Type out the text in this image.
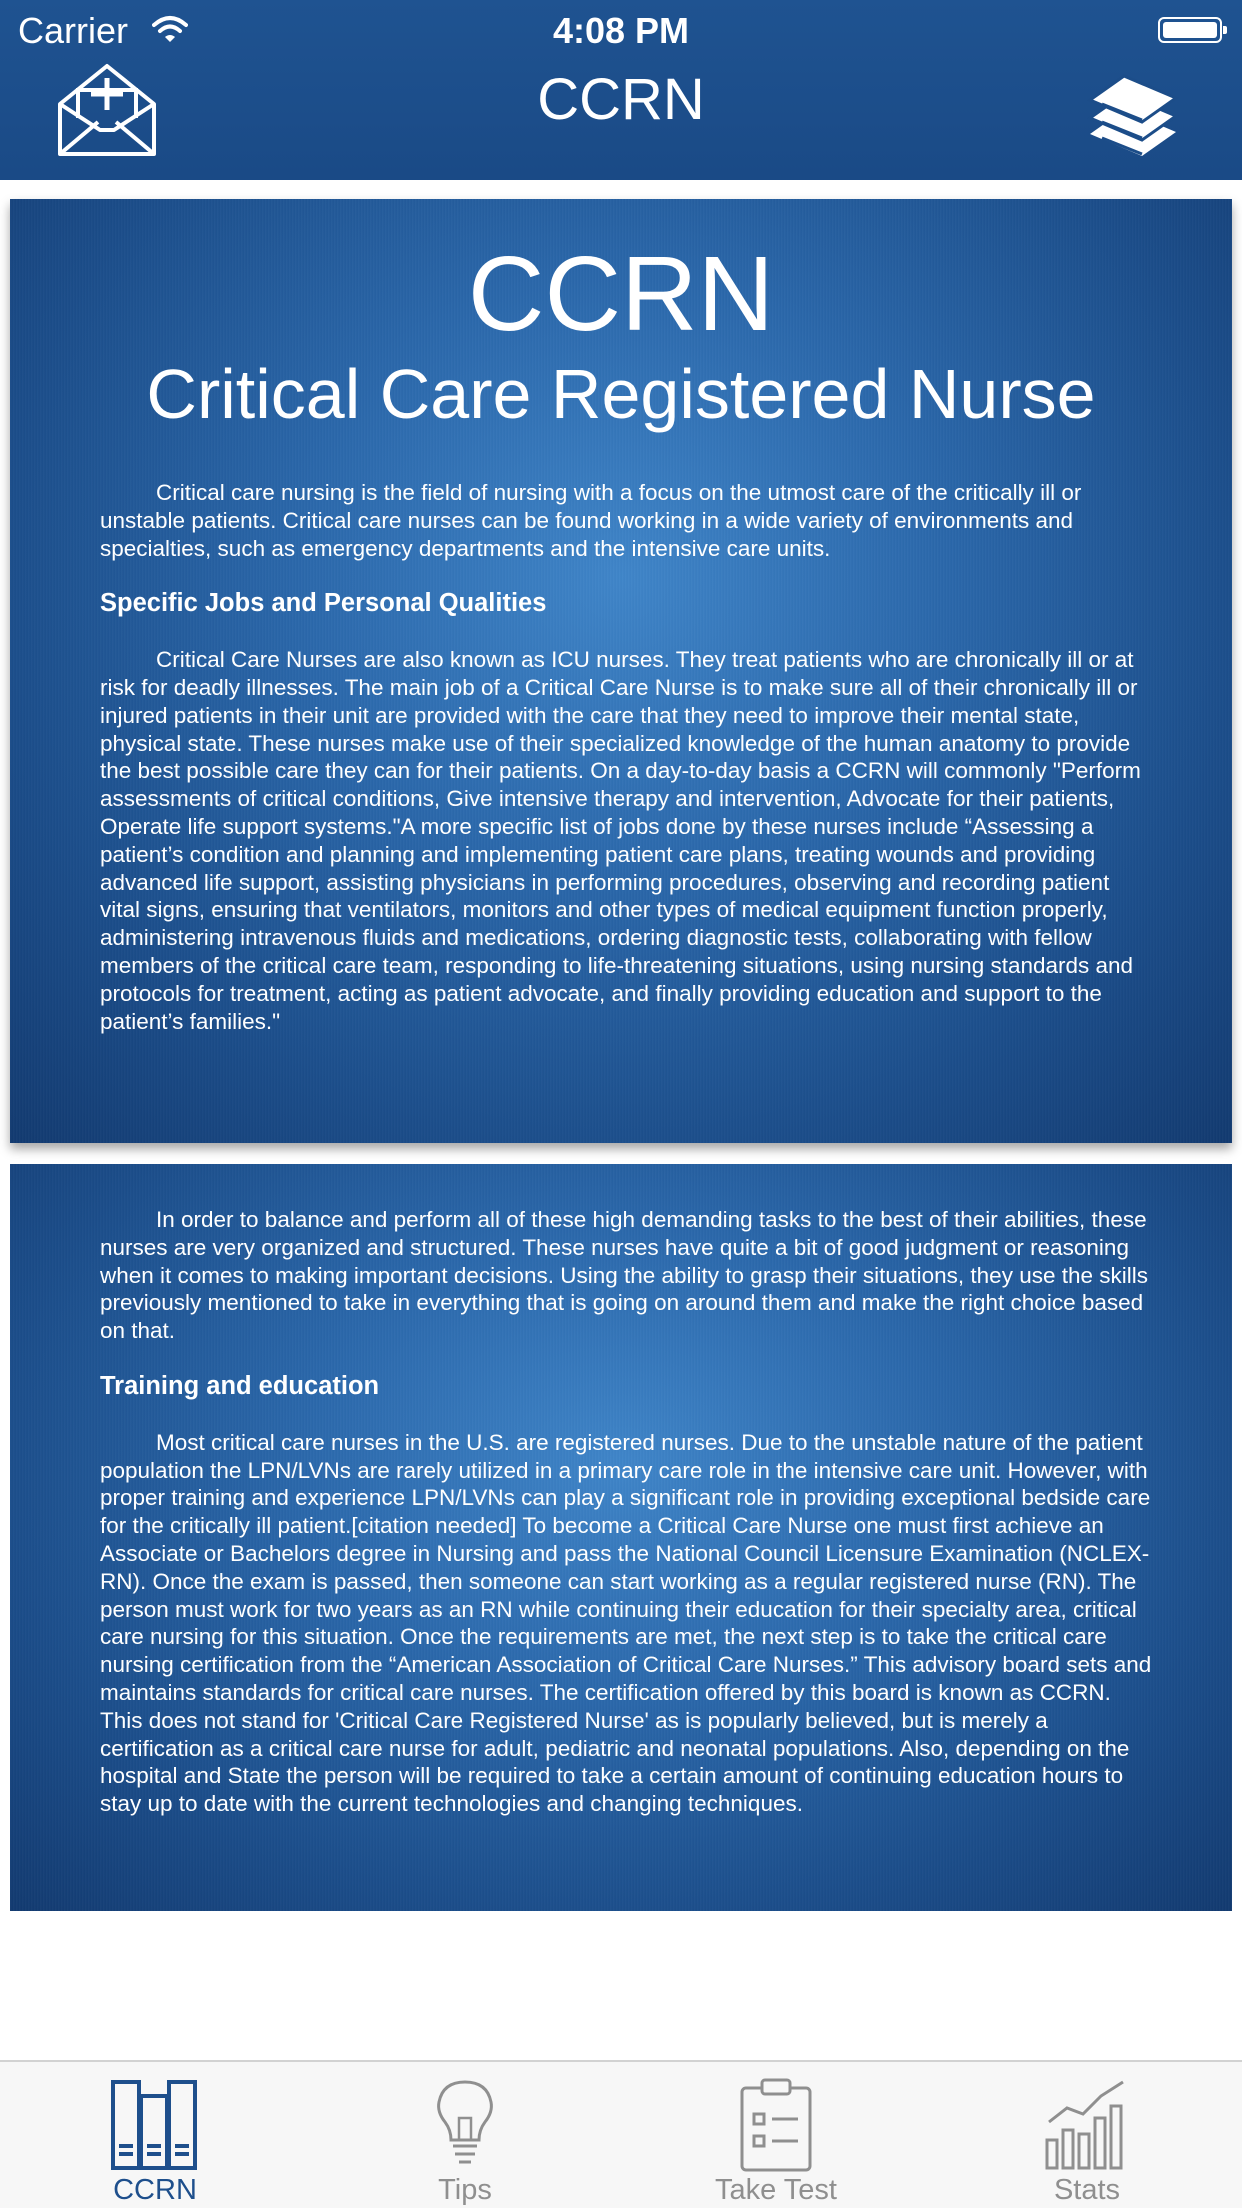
Carrier	4:08 PM
CCRN
CCRN
Critical Care Registered Nurse

Critical care nursing is the field of nursing with a focus on the utmost care of the critically ill or unstable patients. Critical care nurses can be found working in a wide variety of environments and specialties, such as emergency departments and the intensive care units.

Specific Jobs and Personal Qualities

Critical Care Nurses are also known as ICU nurses. They treat patients who are chronically ill or at risk for deadly illnesses. The main job of a Critical Care Nurse is to make sure all of their chronically ill or injured patients in their unit are provided with the care that they need to improve their mental state, physical state. These nurses make use of their specialized knowledge of the human anatomy to provide the best possible care they can for their patients. On a day-to-day basis a CCRN will commonly "Perform assessments of critical conditions, Give intensive therapy and intervention, Advocate for their patients, Operate life support systems."A more specific list of jobs done by these nurses include “Assessing a patient’s condition and planning and implementing patient care plans, treating wounds and providing advanced life support, assisting physicians in performing procedures, observing and recording patient vital signs, ensuring that ventilators, monitors and other types of medical equipment function properly, administering intravenous fluids and medications, ordering diagnostic tests, collaborating with fellow members of the critical care team, responding to life-threatening situations, using nursing standards and protocols for treatment, acting as patient advocate, and finally providing education and support to the patient’s families."

In order to balance and perform all of these high demanding tasks to the best of their abilities, these nurses are very organized and structured. These nurses have quite a bit of good judgment or reasoning when it comes to making important decisions. Using the ability to grasp their situations, they use the skills previously mentioned to take in everything that is going on around them and make the right choice based on that.

Training and education

Most critical care nurses in the U.S. are registered nurses. Due to the unstable nature of the patient population the LPN/LVNs are rarely utilized in a primary care role in the intensive care unit. However, with proper training and experience LPN/LVNs can play a significant role in providing exceptional bedside care for the critically ill patient.[citation needed] To become a Critical Care Nurse one must first achieve an Associate or Bachelors degree in Nursing and pass the National Council Licensure Examination (NCLEX-RN). Once the exam is passed, then someone can start working as a regular registered nurse (RN). The person must work for two years as an RN while continuing their education for their specialty area, critical care nursing for this situation. Once the requirements are met, the next step is to take the critical care nursing certification from the “American Association of Critical Care Nurses.” This advisory board sets and maintains standards for critical care nurses. The certification offered by this board is known as CCRN. This does not stand for 'Critical Care Registered Nurse' as is popularly believed, but is merely a certification as a critical care nurse for adult, pediatric and neonatal populations. Also, depending on the hospital and State the person will be required to take a certain amount of continuing education hours to stay up to date with the current technologies and changing techniques.

CCRN	Tips	Take Test	Stats
